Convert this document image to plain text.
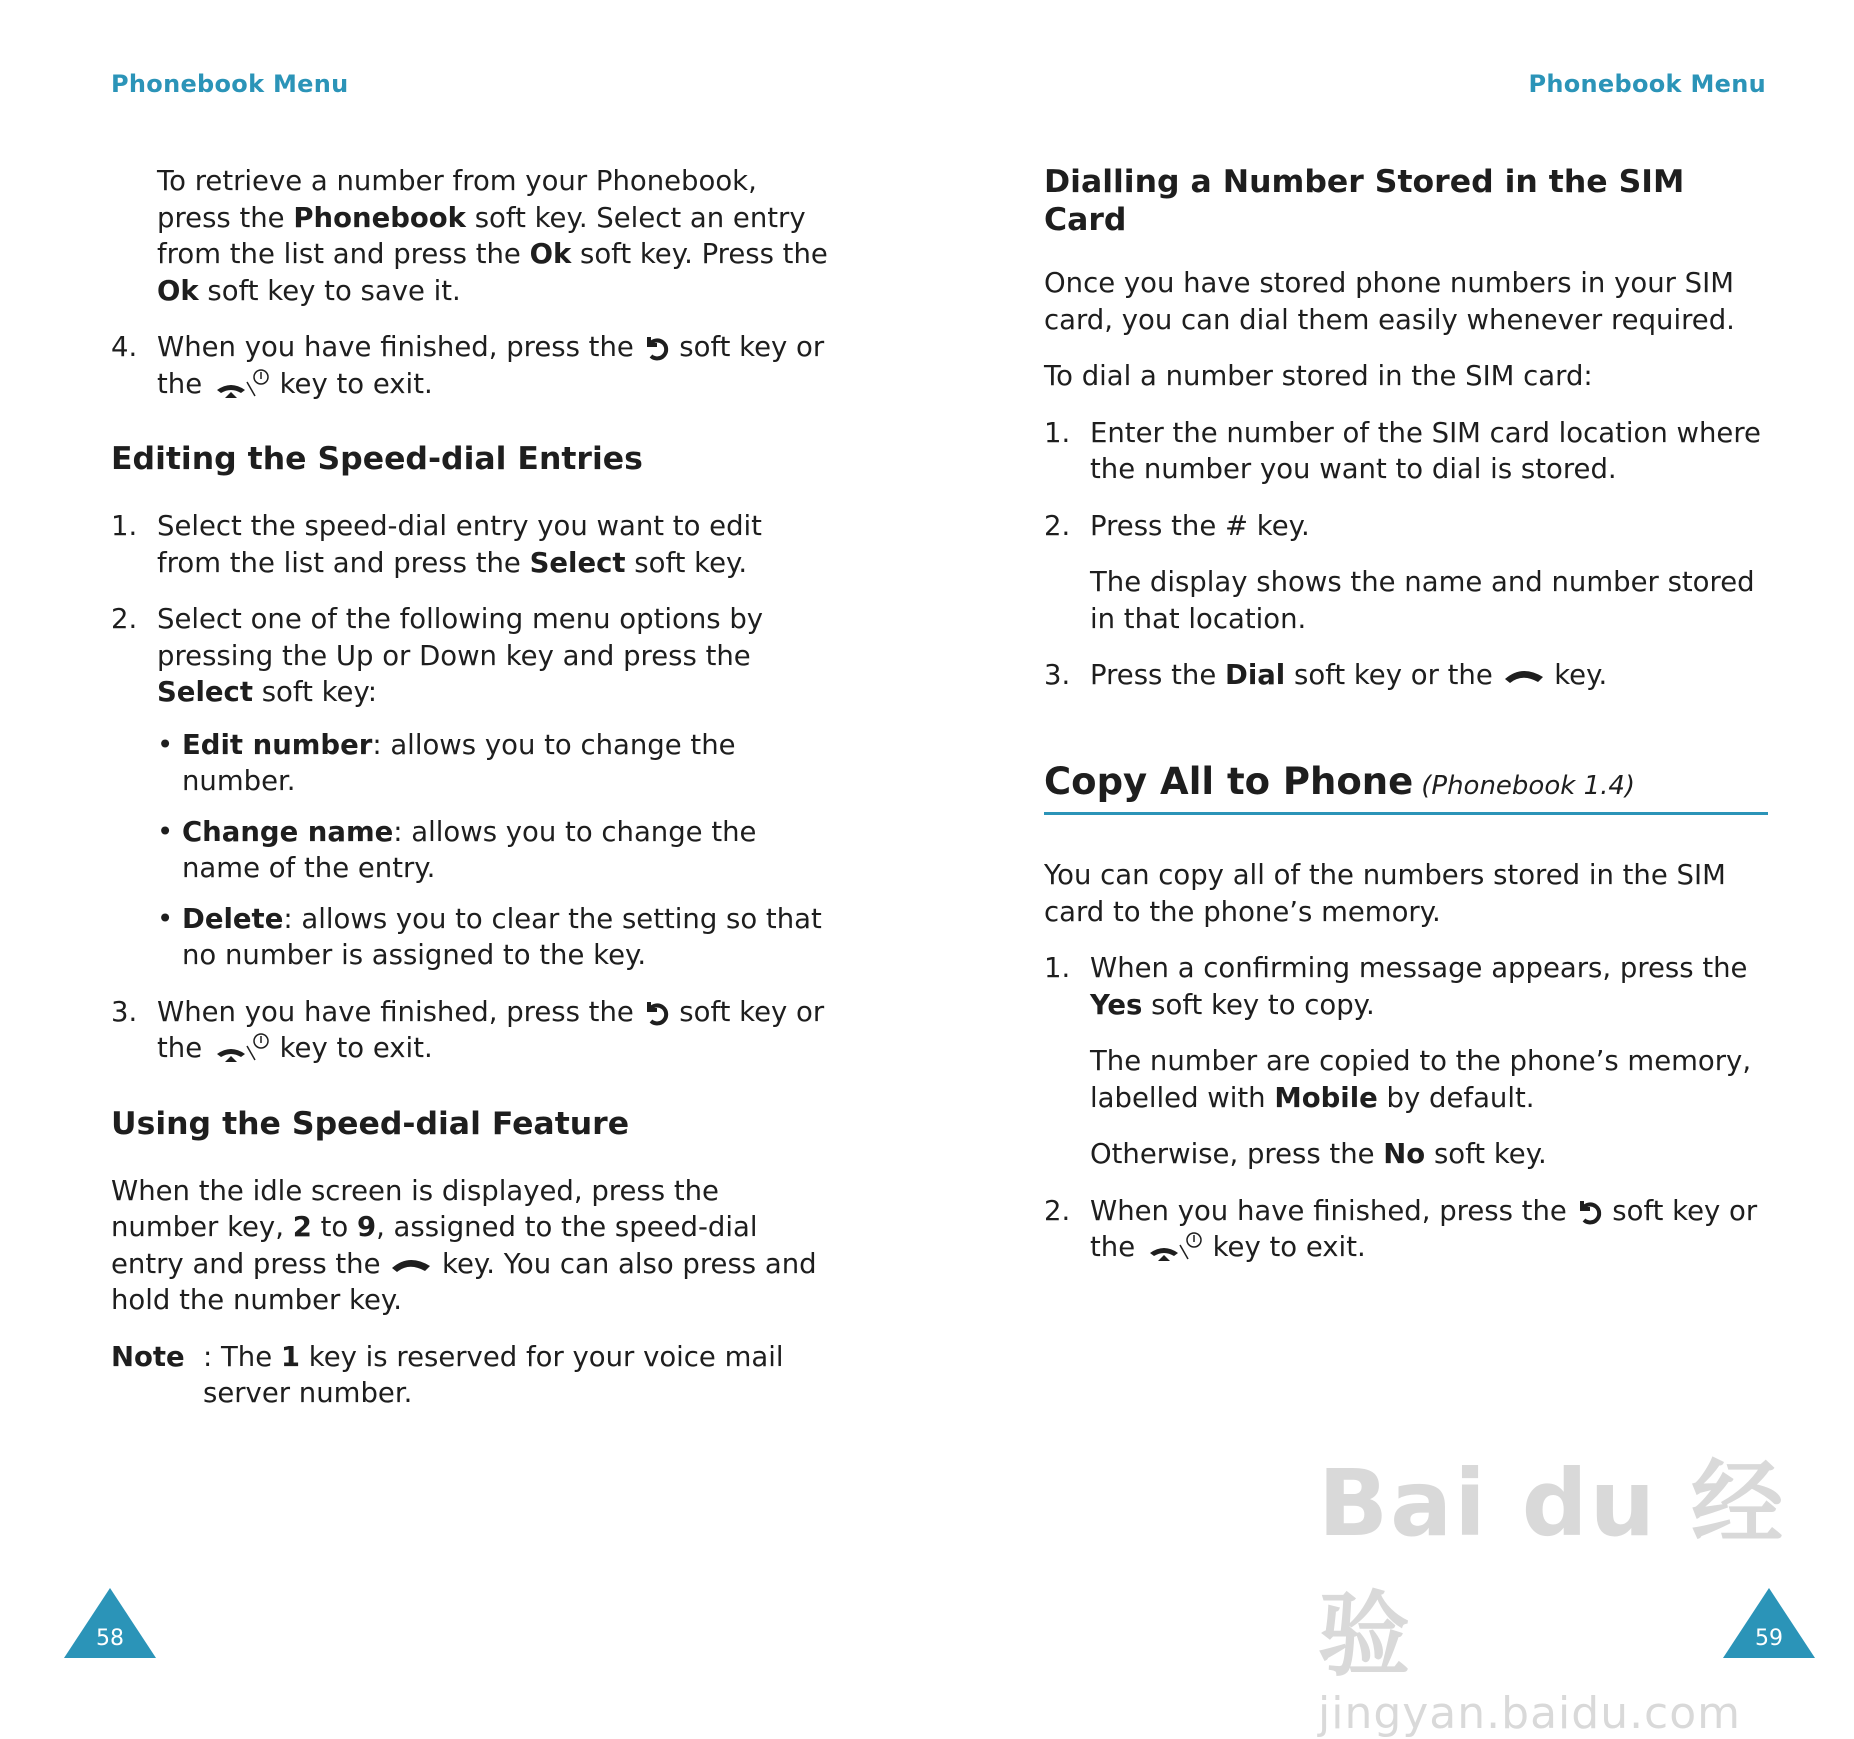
Phonebook Menu

To retrieve a number from your Phonebook, press the Phonebook soft key. Select an entry from the list and press the Ok soft key. Press the Ok soft key to save it.

4. When you have finished, press the
soft key or the
key to exit.

Editing the Speed-dial Entries
1. Select the speed-dial entry you want to edit from the list and press the Select soft key.

2. Select one of the following menu options by pressing the Up or Down key and press the Select soft key:

• Edit number: allows you to change the number.
• Change name: allows you to change the name of the entry.
• Delete: allows you to clear the setting so that no number is assigned to the key.
3. When you have finished, press the
soft key or the
key to exit.

Using the Speed-dial Feature

When the idle screen is displayed, press the number key, 2 to 9, assigned to the speed-dial entry and press the
key. You can also press and hold the number key.

Note : The 1 key is reserved for your voice mail server number.
58
Phonebook Menu
Dialling a Number Stored in the SIM Card

Once you have stored phone numbers in your SIM card, you can dial them easily whenever required.

To dial a number stored in the SIM card:

1. Enter the number of the SIM card location where the number you want to dial is stored.

2. Press the # key.

The display shows the name and number stored in that location.

3. Press the Dial soft key or the
key.

Copy All to Phone (Phonebook 1.4)

You can copy all of the numbers stored in the SIM card to the phone’s memory.

1. When a confirming message appears, press the Yes soft key to copy.

The number are copied to the phone’s memory, labelled with Mobile by default.

Otherwise, press the No soft key.

2. When you have finished, press the
soft key or the
key to exit.

59
Bai du 经验
jingyan.baidu.com
